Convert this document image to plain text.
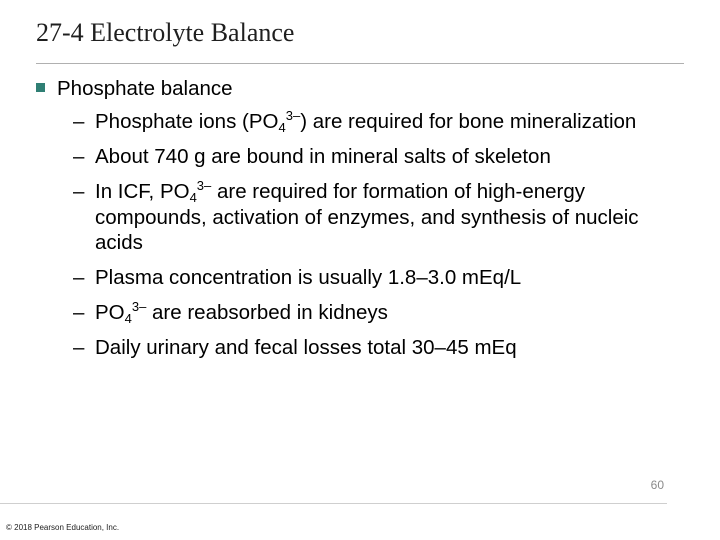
27-4 Electrolyte Balance
Phosphate balance
– Phosphate ions $(PO_4^{3-})$ are required for bone mineralization
– About 740 g are bound in mineral salts of skeleton
– In ICF, $PO_4^{3-}$ are required for formation of high-energy compounds, activation of enzymes, and synthesis of nucleic acids
– Plasma concentration is usually 1.8–3.0 mEq/L
– $PO_4^{3-}$ are reabsorbed in kidneys
– Daily urinary and fecal losses total 30–45 mEq
60
© 2018 Pearson Education, Inc.
